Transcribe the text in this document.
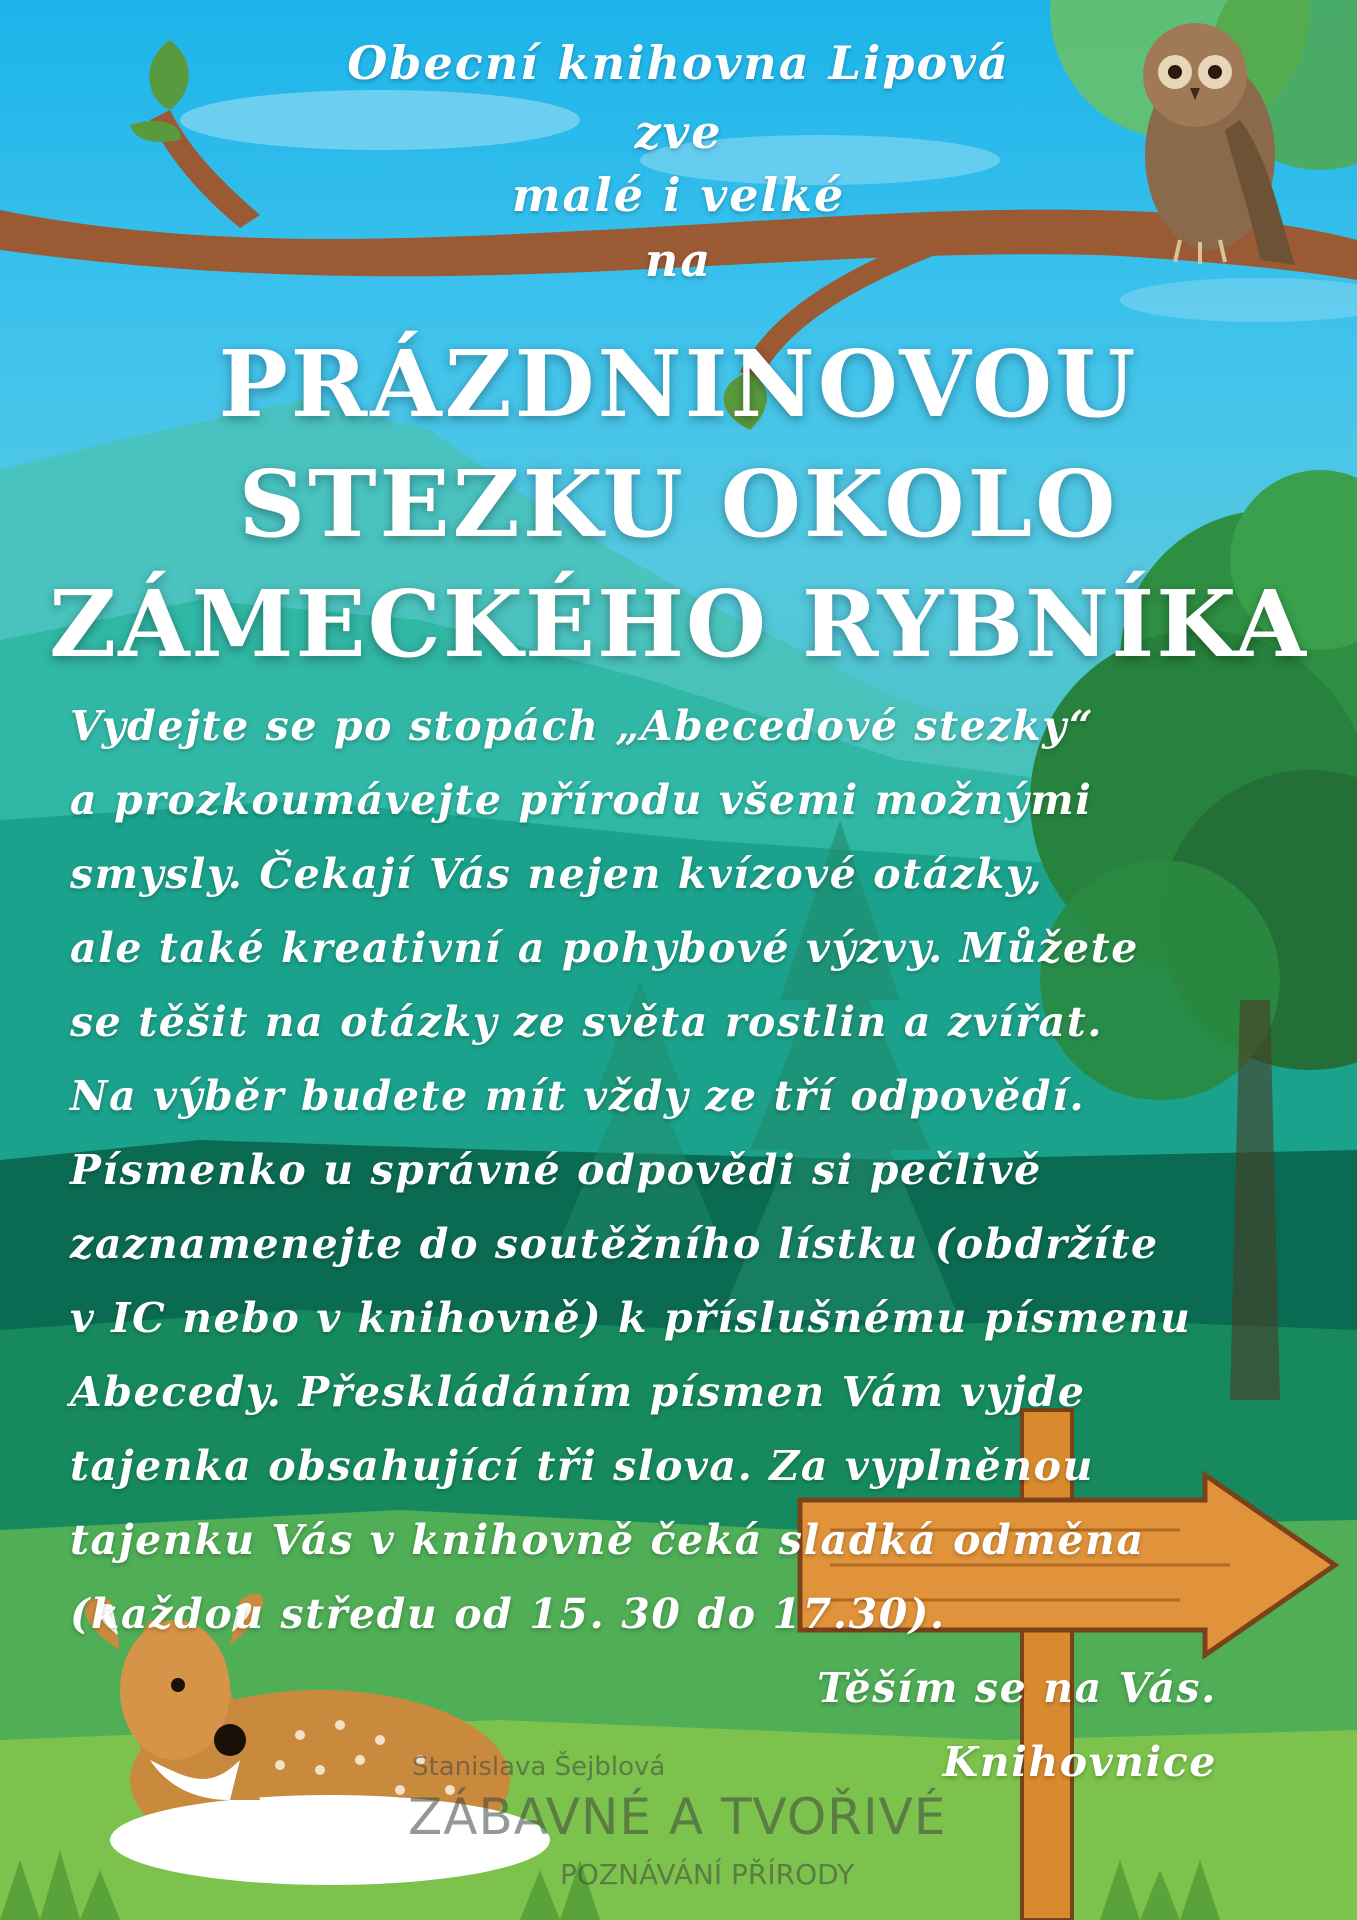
Obecní knihovna Lipová
zve
malé i velké
na
PRÁZDNINOVOU
STEZKU OKOLO
ZÁMECKÉHO RYBNÍKA
Vydejte se po stopách „Abecedové stezky“
a prozkoumávejte přírodu všemi možnými
smysly. Čekají Vás nejen kvízové otázky,
ale také kreativní a pohybové výzvy. Můžete
se těšit na otázky ze světa rostlin a zvířat.
Na výběr budete mít vždy ze tří odpovědí.
Písmenko u správné odpovědi si pečlivě
zaznamenejte do soutěžního lístku (obdržíte
v IC nebo v knihovně) k příslušnému písmenu
Abecedy. Přeskládáním písmen Vám vyjde
tajenka obsahující tři slova. Za vyplněnou
tajenku Vás v knihovně čeká sladká odměna
(každou středu od 15. 30 do 17.30).
Těším se na Vás.
Knihovnice
Stanislava Šejblová
ZÁBAVNÉ A TVOŘIVÉ
POZNÁVÁNÍ PŘÍRODY
